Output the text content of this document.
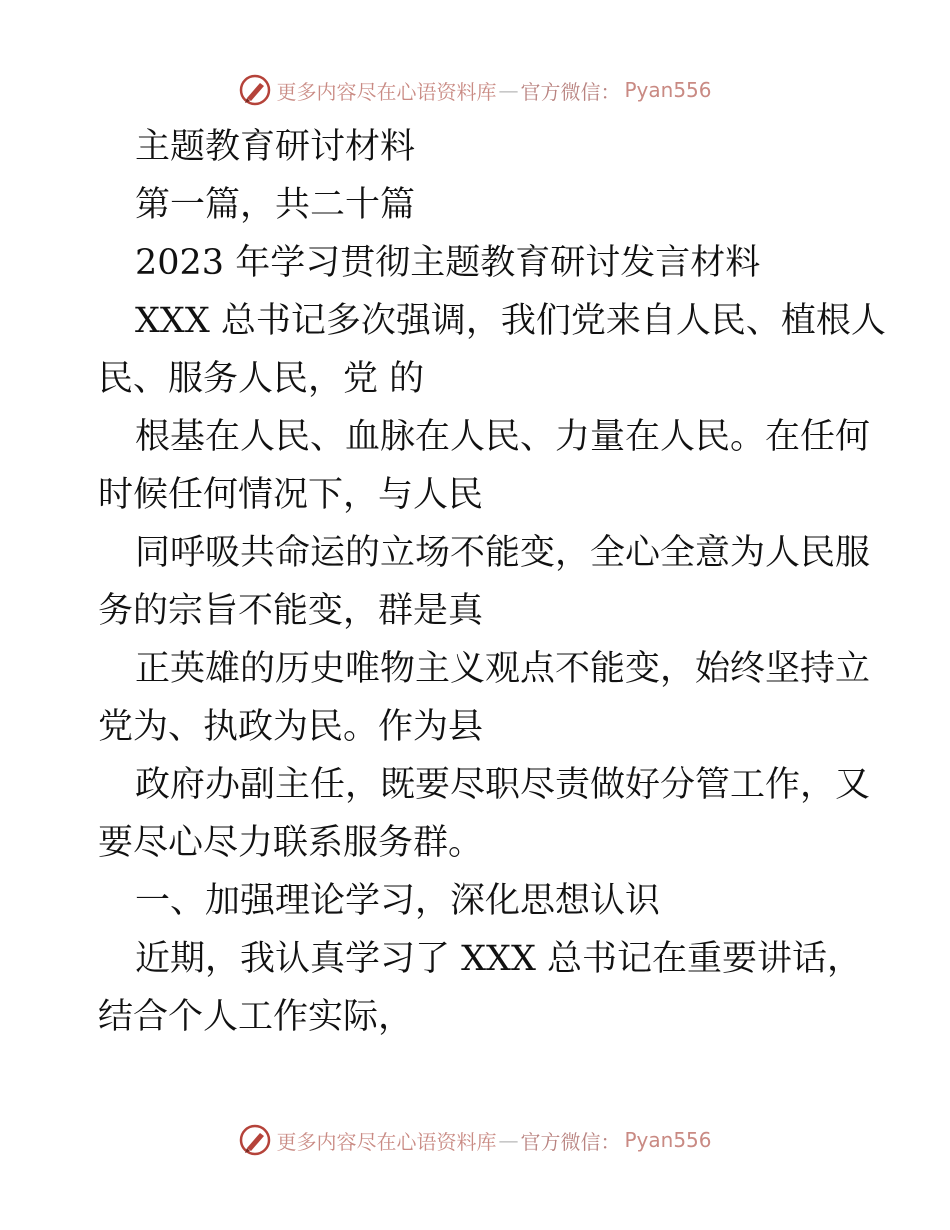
更多内容尽在心语资料库 — 官方微信： Pyan556
主题教育研讨材料
第一篇，共二十篇
2023 年学习贯彻主题教育研讨发言材料
XXX 总书记多次强调，我们党来自人民、植根人
民、服务人民，党 的
根基在人民、血脉在人民、力量在人民。在任何
时候任何情况下，与人民
同呼吸共命运的立场不能变，全心全意为人民服
务的宗旨不能变，群是真
正英雄的历史唯物主义观点不能变，始终坚持立
党为、执政为民。作为县
政府办副主任，既要尽职尽责做好分管工作，又
要尽心尽力联系服务群。
一、加强理论学习，深化思想认识
近期，我认真学习了 XXX 总书记在重要讲话，
结合个人工作实际，
更多内容尽在心语资料库 — 官方微信： Pyan556
